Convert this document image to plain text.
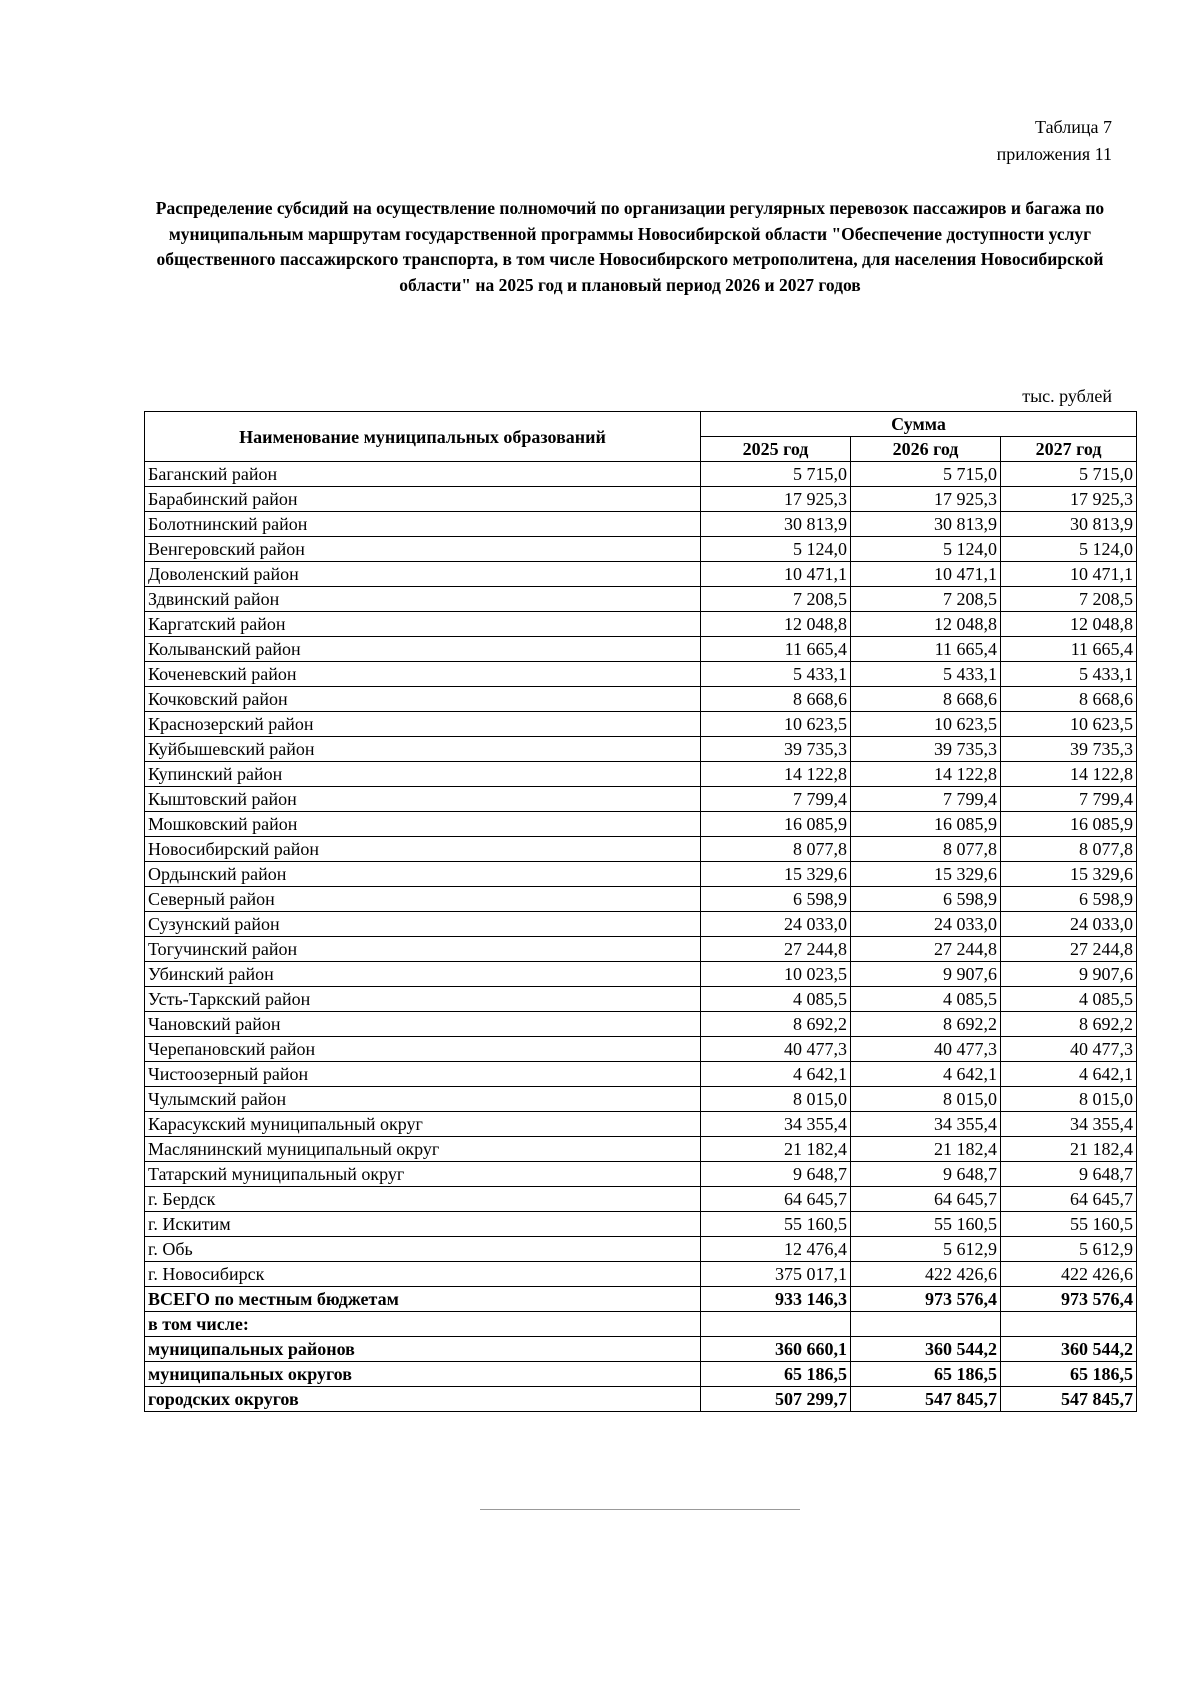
Таблица 7
приложения 11
Распределение субсидий на осуществление полномочий по организации регулярных перевозок пассажиров и багажа по муниципальным маршрутам государственной программы Новосибирской области "Обеспечение доступности услуг общественного пассажирского транспорта, в том числе Новосибирского метрополитена, для населения Новосибирской области" на 2025 год и плановый период 2026 и 2027 годов
тыс. рублей
Наименование муниципальных образований	Сумма		
	2025 год	2026 год	2027 год
Баганский район	5 715,0	5 715,0	5 715,0
Барабинский район	17 925,3	17 925,3	17 925,3
Болотнинский район	30 813,9	30 813,9	30 813,9
Венгеровский район	5 124,0	5 124,0	5 124,0
Доволенский район	10 471,1	10 471,1	10 471,1
Здвинский район	7 208,5	7 208,5	7 208,5
Каргатский район	12 048,8	12 048,8	12 048,8
Колыванский район	11 665,4	11 665,4	11 665,4
Коченевский район	5 433,1	5 433,1	5 433,1
Кочковский район	8 668,6	8 668,6	8 668,6
Краснозерский район	10 623,5	10 623,5	10 623,5
Куйбышевский район	39 735,3	39 735,3	39 735,3
Купинский район	14 122,8	14 122,8	14 122,8
Кыштовский район	7 799,4	7 799,4	7 799,4
Мошковский район	16 085,9	16 085,9	16 085,9
Новосибирский район	8 077,8	8 077,8	8 077,8
Ордынский район	15 329,6	15 329,6	15 329,6
Северный район	6 598,9	6 598,9	6 598,9
Сузунский район	24 033,0	24 033,0	24 033,0
Тогучинский район	27 244,8	27 244,8	27 244,8
Убинский район	10 023,5	9 907,6	9 907,6
Усть-Таркский район	4 085,5	4 085,5	4 085,5
Чановский район	8 692,2	8 692,2	8 692,2
Черепановский район	40 477,3	40 477,3	40 477,3
Чистоозерный район	4 642,1	4 642,1	4 642,1
Чулымский район	8 015,0	8 015,0	8 015,0
Карасукский муниципальный округ	34 355,4	34 355,4	34 355,4
Маслянинский муниципальный округ	21 182,4	21 182,4	21 182,4
Татарский муниципальный округ	9 648,7	9 648,7	9 648,7
г. Бердск	64 645,7	64 645,7	64 645,7
г. Искитим	55 160,5	55 160,5	55 160,5
г. Обь	12 476,4	5 612,9	5 612,9
г. Новосибирск	375 017,1	422 426,6	422 426,6
ВСЕГО по местным бюджетам	933 146,3	973 576,4	973 576,4
в том числе:			
муниципальных районов	360 660,1	360 544,2	360 544,2
муниципальных округов	65 186,5	65 186,5	65 186,5
городских округов	507 299,7	547 845,7	547 845,7
